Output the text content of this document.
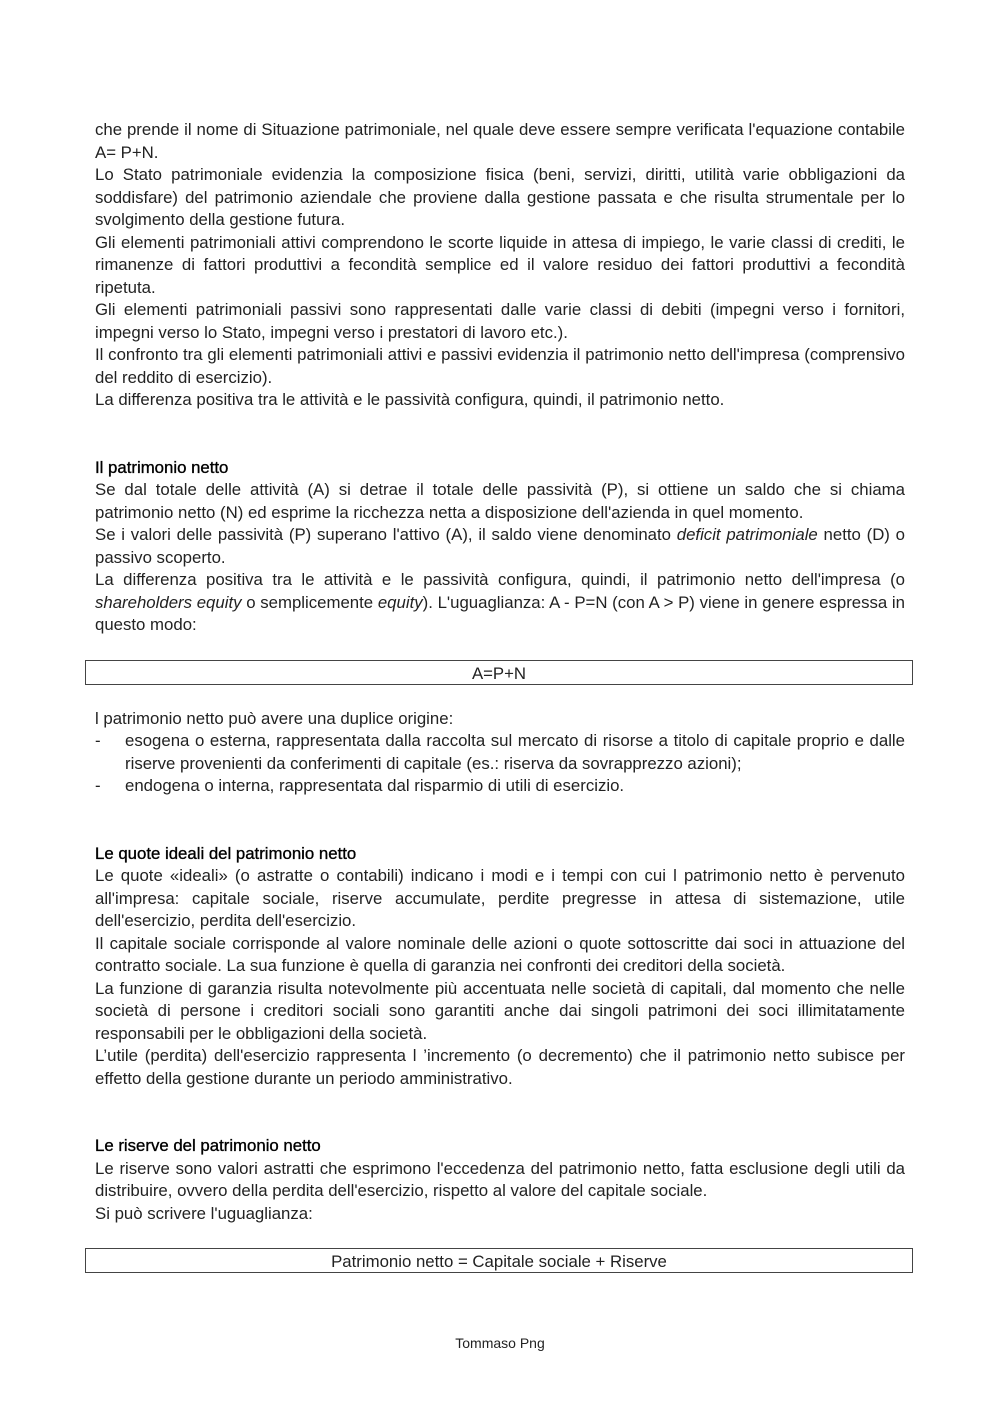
che prende il nome di Situazione patrimoniale, nel quale deve essere sempre verificata l'equazione contabile A= P+N.

Lo Stato patrimoniale evidenzia la composizione fisica (beni, servizi, diritti, utilità varie obbligazioni da soddisfare) del patrimonio aziendale che proviene dalla gestione passata e che risulta strumentale per lo svolgimento della gestione futura.

Gli elementi patrimoniali attivi comprendono le scorte liquide in attesa di impiego, le varie classi di crediti, le rimanenze di fattori produttivi a fecondità semplice ed il valore residuo dei fattori produttivi a fecondità ripetuta.

Gli elementi patrimoniali passivi sono rappresentati dalle varie classi di debiti (impegni verso i fornitori, impegni verso lo Stato, impegni verso i prestatori di lavoro etc.).

Il confronto tra gli elementi patrimoniali attivi e passivi evidenzia il patrimonio netto dell'impresa (comprensivo del reddito di esercizio).

La differenza positiva tra le attività e le passività configura, quindi, il patrimonio netto.

Il patrimonio netto

Se dal totale delle attività (A) si detrae il totale delle passività (P), si ottiene un saldo che si chiama patrimonio netto (N) ed esprime la ricchezza netta a disposizione dell'azienda in quel momento.

Se i valori delle passività (P) superano l'attivo (A), il saldo viene denominato deficit patrimoniale netto (D) o passivo scoperto.

La differenza positiva tra le attività e le passività configura, quindi, il patrimonio netto dell'impresa (o shareholders equity o semplicemente equity). L'uguaglianza: A - P=N (con A > P) viene in genere espressa in questo modo:

A=P+N

l patrimonio netto può avere una duplice origine:

- esogena o esterna, rappresentata dalla raccolta sul mercato di risorse a titolo di capitale proprio e dalle riserve provenienti da conferimenti di capitale (es.: riserva da sovrapprezzo azioni);
- endogena o interna, rappresentata dal risparmio di utili di esercizio.
Le quote ideali del patrimonio netto

Le quote «ideali» (o astratte o contabili) indicano i modi e i tempi con cui l patrimonio netto è pervenuto all'impresa: capitale sociale, riserve accumulate, perdite pregresse in attesa di sistemazione, utile dell'esercizio, perdita dell'esercizio.

Il capitale sociale corrisponde al valore nominale delle azioni o quote sottoscritte dai soci in attuazione del contratto sociale. La sua funzione è quella di garanzia nei confronti dei creditori della società.

La funzione di garanzia risulta notevolmente più accentuata nelle società di capitali, dal momento che nelle società di persone i creditori sociali sono garantiti anche dai singoli patrimoni dei soci illimitatamente responsabili per le obbligazioni della società.

L’utile (perdita) dell'esercizio rappresenta l ’incremento (o decremento) che il patrimonio netto subisce per effetto della gestione durante un periodo amministrativo.

Le riserve del patrimonio netto

Le riserve sono valori astratti che esprimono l'eccedenza del patrimonio netto, fatta esclusione degli utili da distribuire, ovvero della perdita dell'esercizio, rispetto al valore del capitale sociale.

Si può scrivere l'uguaglianza:

Patrimonio netto = Capitale sociale + Riserve
Tommaso Png
